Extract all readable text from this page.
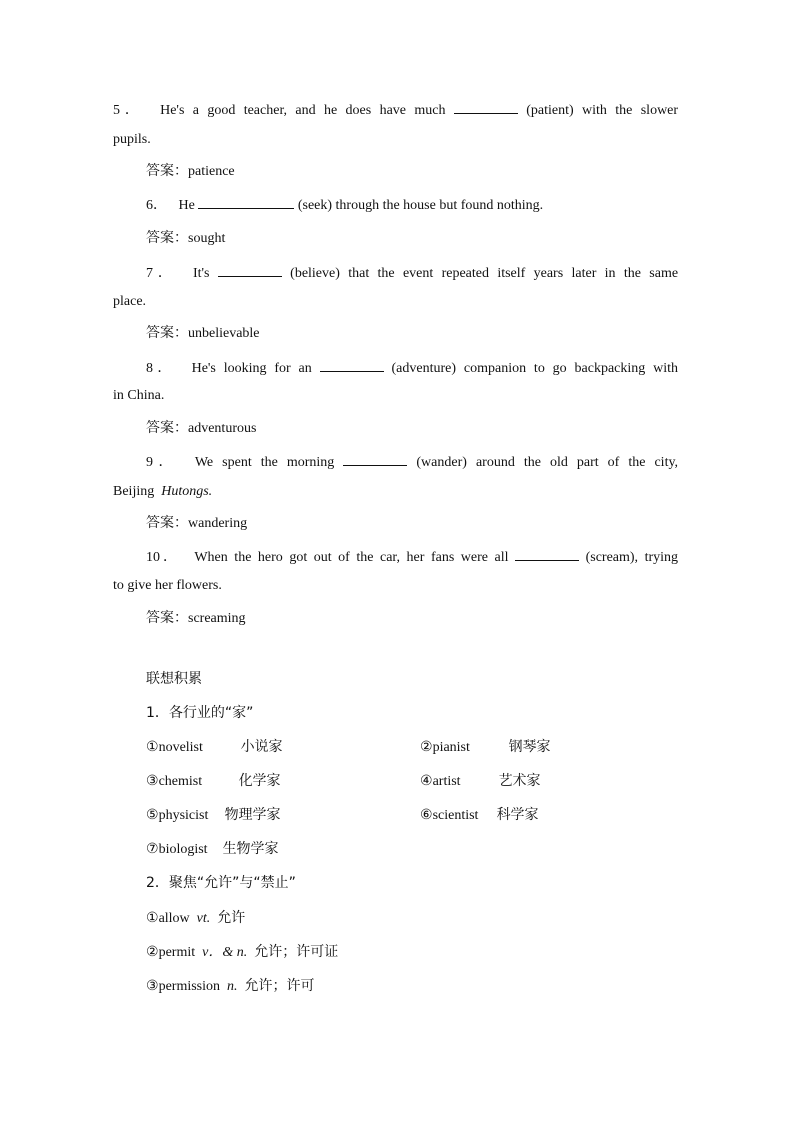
5． He's a good teacher, and he does have much	(patient) with the slower
pupils.
答案：patience
6． He	(seek) through the house but found nothing.
答案：sought
7． It's	(believe) that the event repeated itself years later in the same
place.
答案：unbelievable
8． He's looking for an	(adventure) companion to go backpacking with
in China.
答案：adventurous
9． We spent the morning	(wander) around the old part of the city,
Beijing Hutongs.
答案：wandering
10． When the hero got out of the car, her fans were all	(scream), trying
to give her flowers.
答案：screaming
联想积累
1．各行业的“家”
①novelist	小说家	②pianist	钢琴家
③chemist	化学家	④artist	艺术家
⑤physicist 物理学家	⑥scientist 科学家
⑦biologist 生物学家
2．聚焦“允许”与“禁止”
①allow vt. 允许
②permit v．& n. 允许；许可证
③permission n. 允许；许可
